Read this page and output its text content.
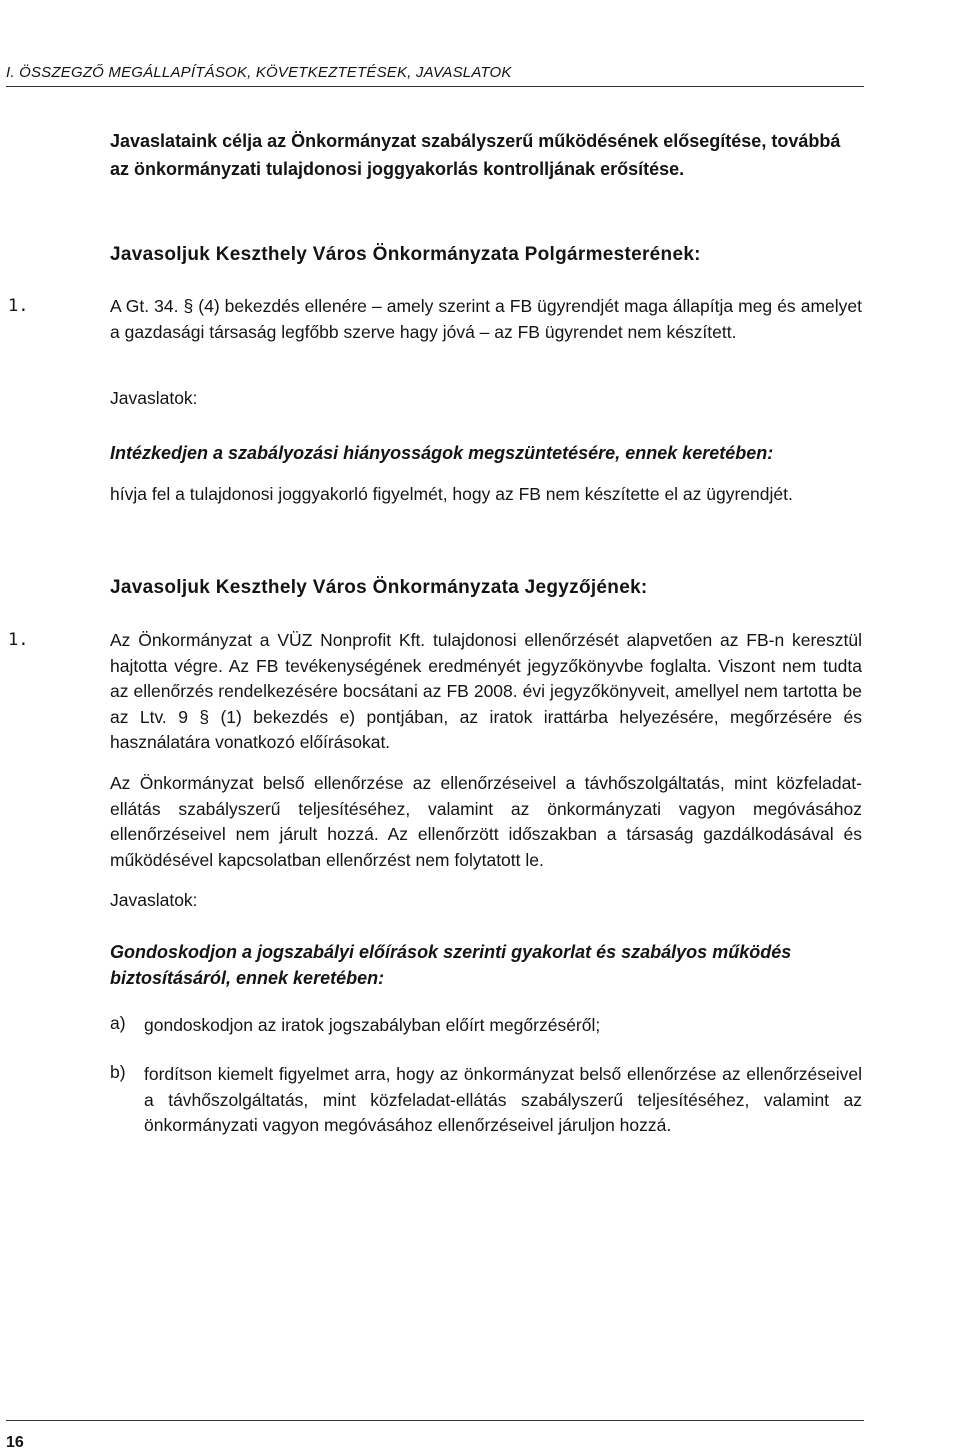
I. ÖSSZEGZŐ MEGÁLLAPÍTÁSOK, KÖVETKEZTETÉSEK, JAVASLATOK
Javaslataink célja az Önkormányzat szabályszerű működésének elősegítése, továbbá az önkormányzati tulajdonosi joggyakorlás kontrolljának erősítése.
Javasoljuk Keszthely Város Önkormányzata Polgármesterének:
1.	A Gt. 34. § (4) bekezdés ellenére – amely szerint a FB ügyrendjét maga állapítja meg és amelyet a gazdasági társaság legfőbb szerve hagy jóvá – az FB ügyrendet nem készített.
Javaslatok:
Intézkedjen a szabályozási hiányosságok megszüntetésére, ennek keretében:
hívja fel a tulajdonosi joggyakorló figyelmét, hogy az FB nem készítette el az ügyrendjét.
Javasoljuk Keszthely Város Önkormányzata Jegyzőjének:
1.	Az Önkormányzat a VÜZ Nonprofit Kft. tulajdonosi ellenőrzését alapvetően az FB-n keresztül hajtotta végre. Az FB tevékenységének eredményét jegyzőkönyvbe foglalta. Viszont nem tudta az ellenőrzés rendelkezésére bocsátani az FB 2008. évi jegyzőkönyveit, amellyel nem tartotta be az Ltv. 9 § (1) bekezdés e) pontjában, az iratok irattárba helyezésére, megőrzésére és használatára vonatkozó előírásokat.
Az Önkormányzat belső ellenőrzése az ellenőrzéseivel a távhőszolgáltatás, mint közfeladat-ellátás szabályszerű teljesítéséhez, valamint az önkormányzati vagyon megóvásához ellenőrzéseivel nem járult hozzá. Az ellenőrzött időszakban a társaság gazdálkodásával és működésével kapcsolatban ellenőrzést nem folytatott le.
Javaslatok:
Gondoskodjon a jogszabályi előírások szerinti gyakorlat és szabályos működés biztosításáról, ennek keretében:
a) gondoskodjon az iratok jogszabályban előírt megőrzéséről;
b) fordítson kiemelt figyelmet arra, hogy az önkormányzat belső ellenőrzése az ellenőrzéseivel a távhőszolgáltatás, mint közfeladat-ellátás szabályszerű teljesítéséhez, valamint az önkormányzati vagyon megóvásához ellenőrzéseivel járuljon hozzá.
16
